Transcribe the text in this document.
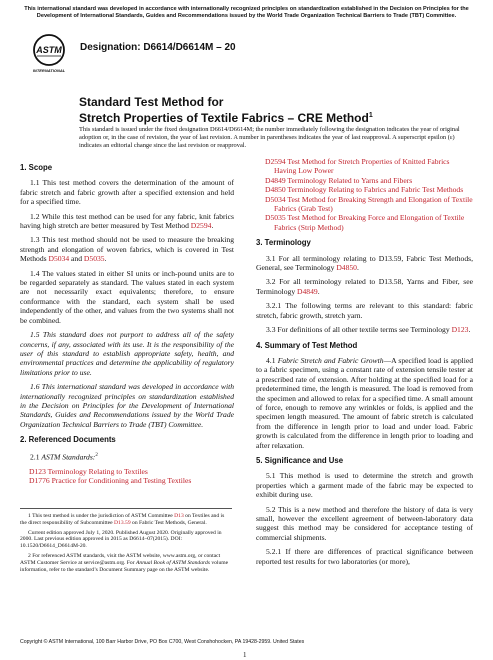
This international standard was developed in accordance with internationally recognized principles on standardization established in the Decision on Principles for the Development of International Standards, Guides and Recommendations issued by the World Trade Organization Technical Barriers to Trade (TBT) Committee.
ASTM
INTERNATIONAL
Designation: D6614/D6614M – 20
Standard Test Method for
Stretch Properties of Textile Fabrics – CRE Method$^1$
This standard is issued under the fixed designation D6614/D6614M; the number immediately following the designation indicates the year of original adoption or, in the case of revision, the year of last revision. A number in parentheses indicates the year of last reapproval. A superscript epsilon (ε) indicates an editorial change since the last revision or reapproval.
1. Scope

1.1 This test method covers the determination of the amount of fabric stretch and fabric growth after a specified extension and held for a specified time.

1.2 While this test method can be used for any fabric, knit fabrics having high stretch are better measured by Test Method D2594.

1.3 This test method should not be used to measure the breaking strength and elongation of woven fabrics, which is covered in Test Methods D5034 and D5035.

1.4 The values stated in either SI units or inch-pound units are to be regarded separately as standard. The values stated in each system are not necessarily exact equivalents; therefore, to ensure conformance with the standard, each system shall be used independently of the other, and values from the two systems shall not be combined.

1.5 This standard does not purport to address all of the safety concerns, if any, associated with its use. It is the responsibility of the user of this standard to establish appropriate safety, health, and environmental practices and determine the applicability of regulatory limitations prior to use.

1.6 This international standard was developed in accordance with internationally recognized principles on standardization established in the Decision on Principles for the Development of International Standards, Guides and Recommendations issued by the World Trade Organization Technical Barriers to Trade (TBT) Committee.

2. Referenced Documents

2.1 ASTM Standards:$^2$

D123 Terminology Relating to Textiles
D1776 Practice for Conditioning and Testing Textiles
D2594 Test Method for Stretch Properties of Knitted Fabrics Having Low Power
D4849 Terminology Related to Yarns and Fibers
D4850 Terminology Relating to Fabrics and Fabric Test Methods
D5034 Test Method for Breaking Strength and Elongation of Textile Fabrics (Grab Test)
D5035 Test Method for Breaking Force and Elongation of Textile Fabrics (Strip Method)
3. Terminology

3.1 For all terminology relating to D13.59, Fabric Test Methods, General, see Terminology D4850.

3.2 For all terminology related to D13.58, Yarns and Fiber, see Terminology D4849.

3.2.1 The following terms are relevant to this standard: fabric stretch, fabric growth, stretch yarn.

3.3 For definitions of all other textile terms see Terminology D123.

4. Summary of Test Method

4.1 Fabric Stretch and Fabric Growth—A specified load is applied to a fabric specimen, using a constant rate of extension tensile tester at a prescribed rate of extension. After holding at the specified load for a predetermined time, the length is measured. The load is removed from the specimen and allowed to relax for a specified time. A small amount of force, enough to remove any wrinkles or folds, is applied and the specimen length measured. The amount of fabric stretch is calculated from the difference in length prior to load and under load. Fabric growth is calculated from the difference in length prior to loading and after relaxation.

5. Significance and Use

5.1 This method is used to determine the stretch and growth properties which a garment made of the fabric may be expected to exhibit during use.

5.2 This is a new method and therefore the history of data is very small, however the excellent agreement of between-laboratory data suggest this method may be considered for acceptance testing of commercial shipments.

5.2.1 If there are differences of practical significance between reported test results for two laboratories (or more),

1 This test method is under the jurisdiction of ASTM Committee D13 on Textiles and is the direct responsibility of Subcommittee D13.59 on Fabric Test Methods, General.

Current edition approved July 1, 2020. Published August 2020. Originally approved in 2000. Last previous edition approved in 2015 as D6614–07(2015). DOI: 10.1520/D6614_D6614M-20.

2 For referenced ASTM standards, visit the ASTM website, www.astm.org, or contact ASTM Customer Service at service@astm.org. For Annual Book of ASTM Standards volume information, refer to the standard’s Document Summary page on the ASTM website.

Copyright © ASTM International, 100 Barr Harbor Drive, PO Box C700, West Conshohocken, PA 19428-2959. United States
1
